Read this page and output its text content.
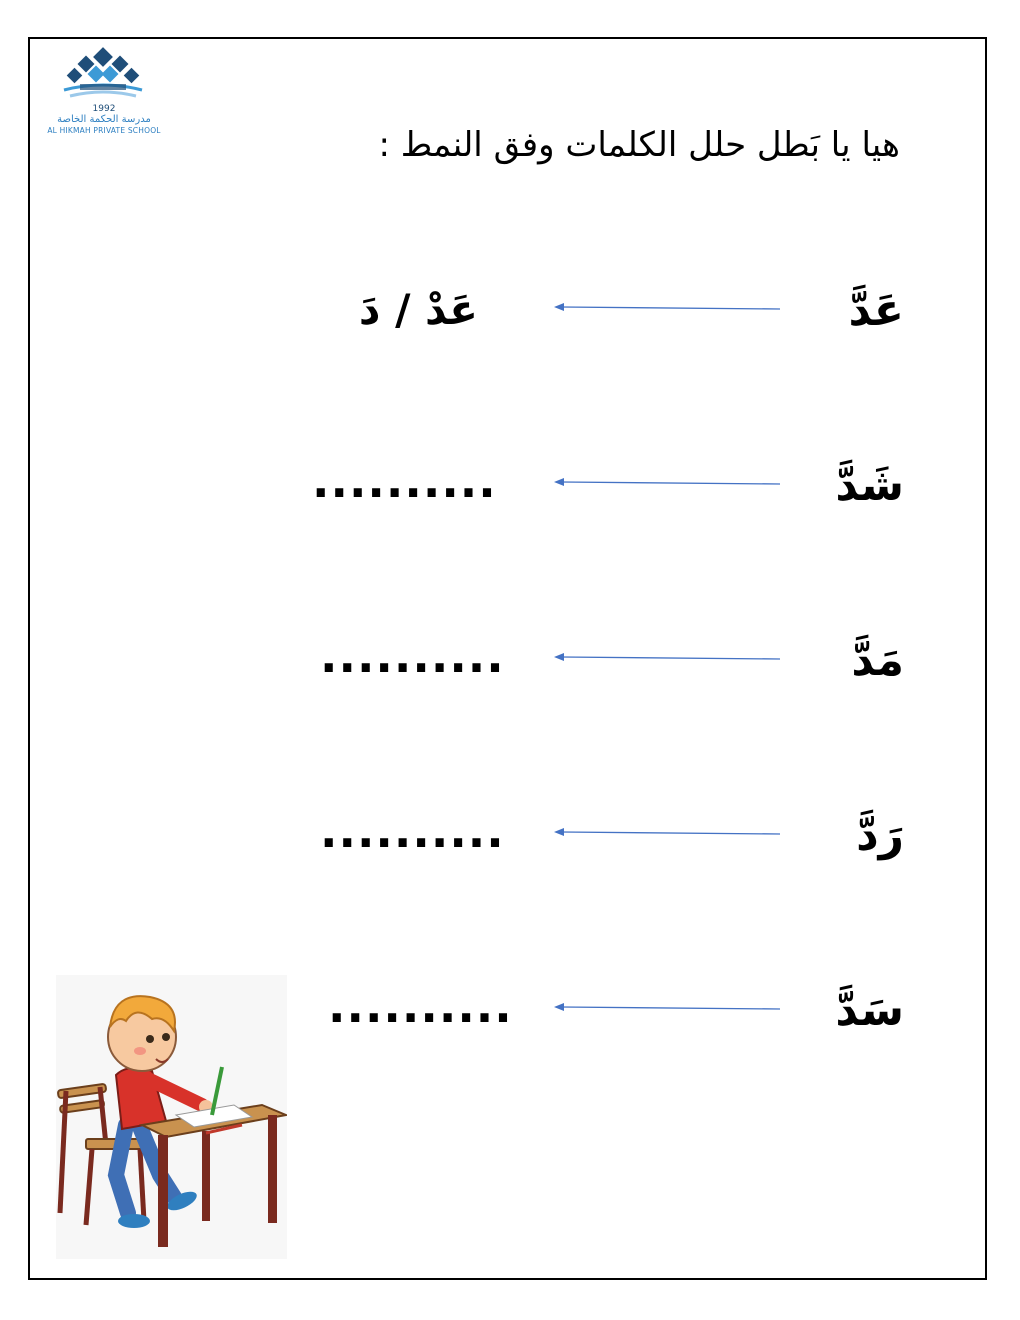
1992
مدرسة الحكمة الخاصة
AL HIKMAH PRIVATE SCHOOL	هيا يا بَطل حلل الكلمات وفق النمط :
عَدَّ
عَدْ / دَ
شَدَّ
..........
مَدَّ
..........
رَدَّ
..........
سَدَّ
..........
